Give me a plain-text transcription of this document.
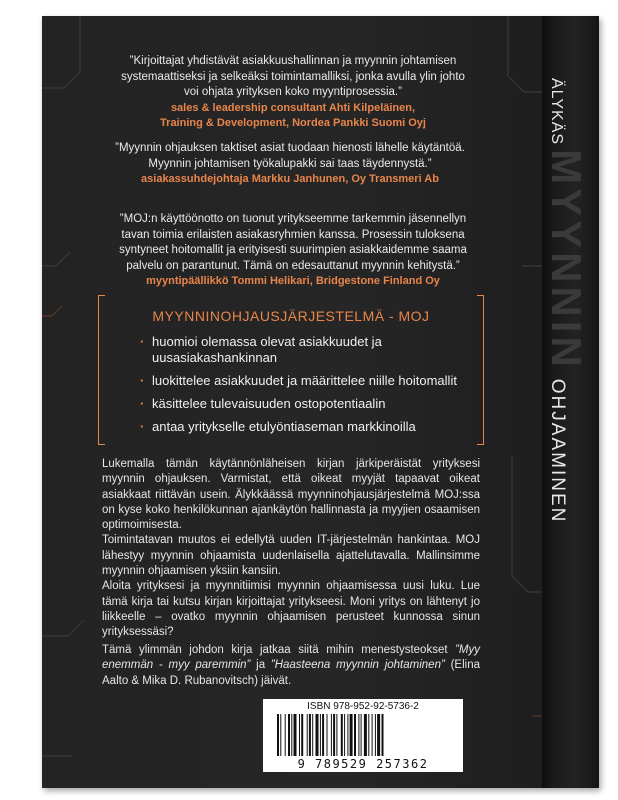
”Kirjoittajat yhdistävät asiakkuushallinnan ja myynnin johtamisen systemaattiseksi ja selkeäksi toimintamalliksi, jonka avulla ylin johto voi ohjata yrityksen koko myyntiprosessia.”
sales & leadership consultant Ahti Kilpeläinen,
Training & Development, Nordea Pankki Suomi Oyj
”Myynnin ohjauksen taktiset asiat tuodaan hienosti lähelle käytäntöä. Myynnin johtamisen työkalupakki sai taas täydennystä.”
asiakassuhdejohtaja Markku Janhunen, Oy Transmeri Ab
”MOJ:n käyttöönotto on tuonut yritykseemme tarkemmin jäsennellyn tavan toimia erilaisten asiakasryhmien kanssa. Prosessin tuloksena syntyneet hoitomallit ja erityisesti suurimpien asiakkaidemme saama palvelu on parantunut. Tämä on edesauttanut myynnin kehitystä.”
myyntipäällikkö Tommi Helikari, Bridgestone Finland Oy
MYYNNINOHJAUSJÄRJESTELMÄ - MOJ
· huomioi olemassa olevat asiakkuudet ja uusasiakashankinnan
· luokittelee asiakkuudet ja määrittelee niille hoitomallit
· käsittelee tulevaisuuden ostopotentiaalin
· antaa yritykselle etulyöntiaseman markkinoilla

Lukemalla tämän käytännönläheisen kirjan järkiperäistät yrityksesi myynnin ohjauksen. Varmistat, että oikeat myyjät tapaavat oikeat asiakkaat riittävän usein. Älykkäässä myynninohjausjärjestelmä MOJ:ssa on kyse koko henkilökunnan ajankäytön hallinnasta ja myyjien osaamisen optimoimisesta.

Toimintatavan muutos ei edellytä uuden IT-järjestelmän hankintaa. MOJ lähestyy myynnin ohjaamista uudenlaisella ajattelutavalla. Mallinsimme myynnin ohjaamisen yksiin kansiin.

Aloita yrityksesi ja myynnitiimisi myynnin ohjaamisessa uusi luku. Lue tämä kirja tai kutsu kirjan kirjoittajat yritykseesi. Moni yritys on lähtenyt jo liikkeelle – ovatko myynnin ohjaamisen perusteet kunnossa sinun yrityksessäsi?

Tämä ylimmän johdon kirja jatkaa siitä mihin menestysteokset ”Myy enemmän - myy paremmin” ja ”Haasteena myynnin johtaminen” (Elina Aalto & Mika D. Rubanovitsch) jäivät.
ISBN 978-952-92-5736-2
9 789529 257362
ÄLYKÄSMYYNNINOHJAAMINEN
